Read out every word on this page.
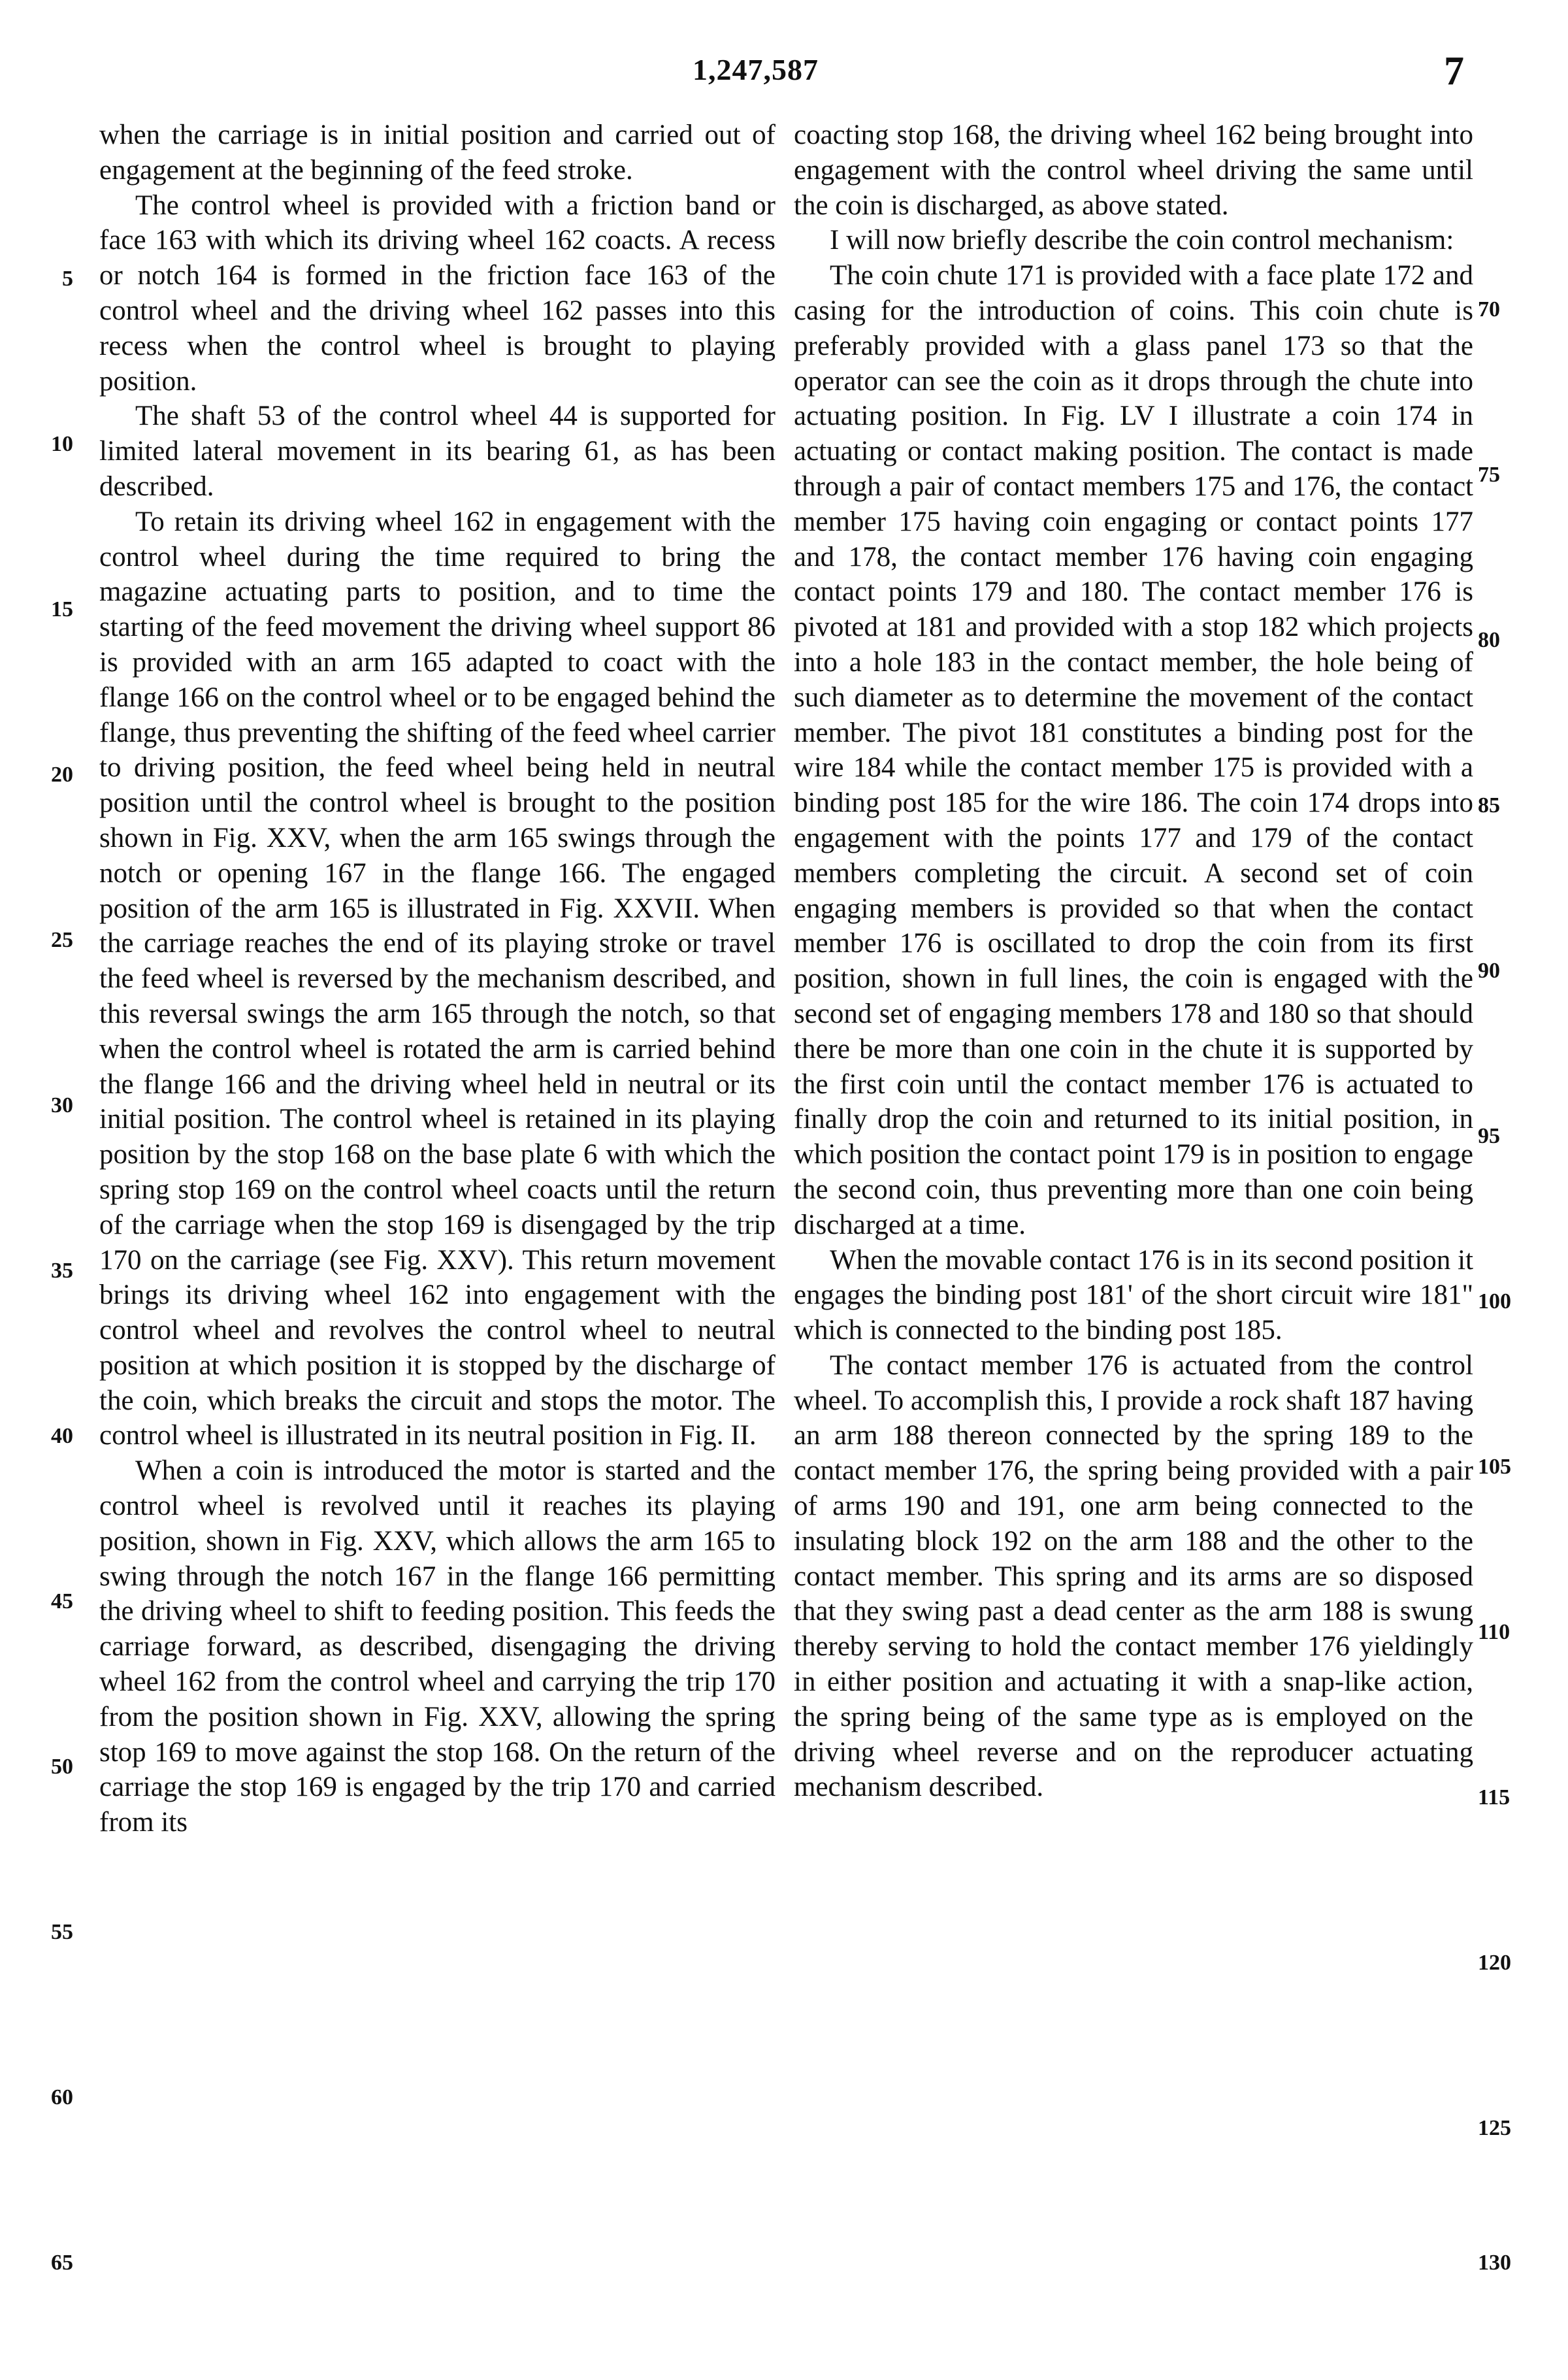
1,247,587	7

when the carriage is in initial position and carried out of engagement at the beginning of the feed stroke.

The control wheel is provided with a friction band or face 163 with which its driving wheel 162 coacts. A recess or notch 164 is formed in the friction face 163 of the control wheel and the driving wheel 162 passes into this recess when the control wheel is brought to playing position.

The shaft 53 of the control wheel 44 is supported for limited lateral movement in its bearing 61, as has been described.

To retain its driving wheel 162 in engagement with the control wheel during the time required to bring the magazine actuating parts to position, and to time the starting of the feed movement the driving wheel support 86 is provided with an arm 165 adapted to coact with the flange 166 on the control wheel or to be engaged behind the flange, thus preventing the shifting of the feed wheel carrier to driving position, the feed wheel being held in neutral position until the control wheel is brought to the position shown in Fig. XXV, when the arm 165 swings through the notch or opening 167 in the flange 166. The engaged position of the arm 165 is illustrated in Fig. XXVII. When the carriage reaches the end of its playing stroke or travel the feed wheel is reversed by the mechanism described, and this reversal swings the arm 165 through the notch, so that when the control wheel is rotated the arm is carried behind the flange 166 and the driving wheel held in neutral or its initial position. The control wheel is retained in its playing position by the stop 168 on the base plate 6 with which the spring stop 169 on the control wheel coacts until the return of the carriage when the stop 169 is disengaged by the trip 170 on the carriage (see Fig. XXV). This return movement brings its driving wheel 162 into engagement with the control wheel and revolves the control wheel to neutral position at which position it is stopped by the discharge of the coin, which breaks the circuit and stops the motor. The control wheel is illustrated in its neutral position in Fig. II.

When a coin is introduced the motor is started and the control wheel is revolved until it reaches its playing position, shown in Fig. XXV, which allows the arm 165 to swing through the notch 167 in the flange 166 permitting the driving wheel to shift to feeding position. This feeds the carriage forward, as described, disengaging the driving wheel 162 from the control wheel and carrying the trip 170 from the position shown in Fig. XXV, allowing the spring stop 169 to move against the stop 168. On the return of the carriage the stop 169 is engaged by the trip 170 and carried from its

coacting stop 168, the driving wheel 162 being brought into engagement with the control wheel driving the same until the coin is discharged, as above stated.

I will now briefly describe the coin control mechanism:

The coin chute 171 is provided with a face plate 172 and casing for the introduction of coins. This coin chute is preferably provided with a glass panel 173 so that the operator can see the coin as it drops through the chute into actuating position. In Fig. LV I illustrate a coin 174 in actuating or contact making position. The contact is made through a pair of contact members 175 and 176, the contact member 175 having coin engaging or contact points 177 and 178, the contact member 176 having coin engaging contact points 179 and 180. The contact member 176 is pivoted at 181 and provided with a stop 182 which projects into a hole 183 in the contact member, the hole being of such diameter as to determine the movement of the contact member. The pivot 181 constitutes a binding post for the wire 184 while the contact member 175 is provided with a binding post 185 for the wire 186. The coin 174 drops into engagement with the points 177 and 179 of the contact members completing the circuit. A second set of coin engaging members is provided so that when the contact member 176 is oscillated to drop the coin from its first position, shown in full lines, the coin is engaged with the second set of engaging members 178 and 180 so that should there be more than one coin in the chute it is supported by the first coin until the contact member 176 is actuated to finally drop the coin and returned to its initial position, in which position the contact point 179 is in position to engage the second coin, thus preventing more than one coin being discharged at a time.

When the movable contact 176 is in its second position it engages the binding post 181' of the short circuit wire 181" which is connected to the binding post 185.

The contact member 176 is actuated from the control wheel. To accomplish this, I provide a rock shaft 187 having an arm 188 thereon connected by the spring 189 to the contact member 176, the spring being provided with a pair of arms 190 and 191, one arm being connected to the insulating block 192 on the arm 188 and the other to the contact member. This spring and its arms are so disposed that they swing past a dead center as the arm 188 is swung thereby serving to hold the contact member 176 yieldingly in either position and actuating it with a snap-like action, the spring being of the same type as is employed on the driving wheel reverse and on the reproducer actuating mechanism described.

5
10
15
20
25
30
35
40
45
50
55
60
65
70
75
80
85
90
95
100
105
110
115
120
125
130
